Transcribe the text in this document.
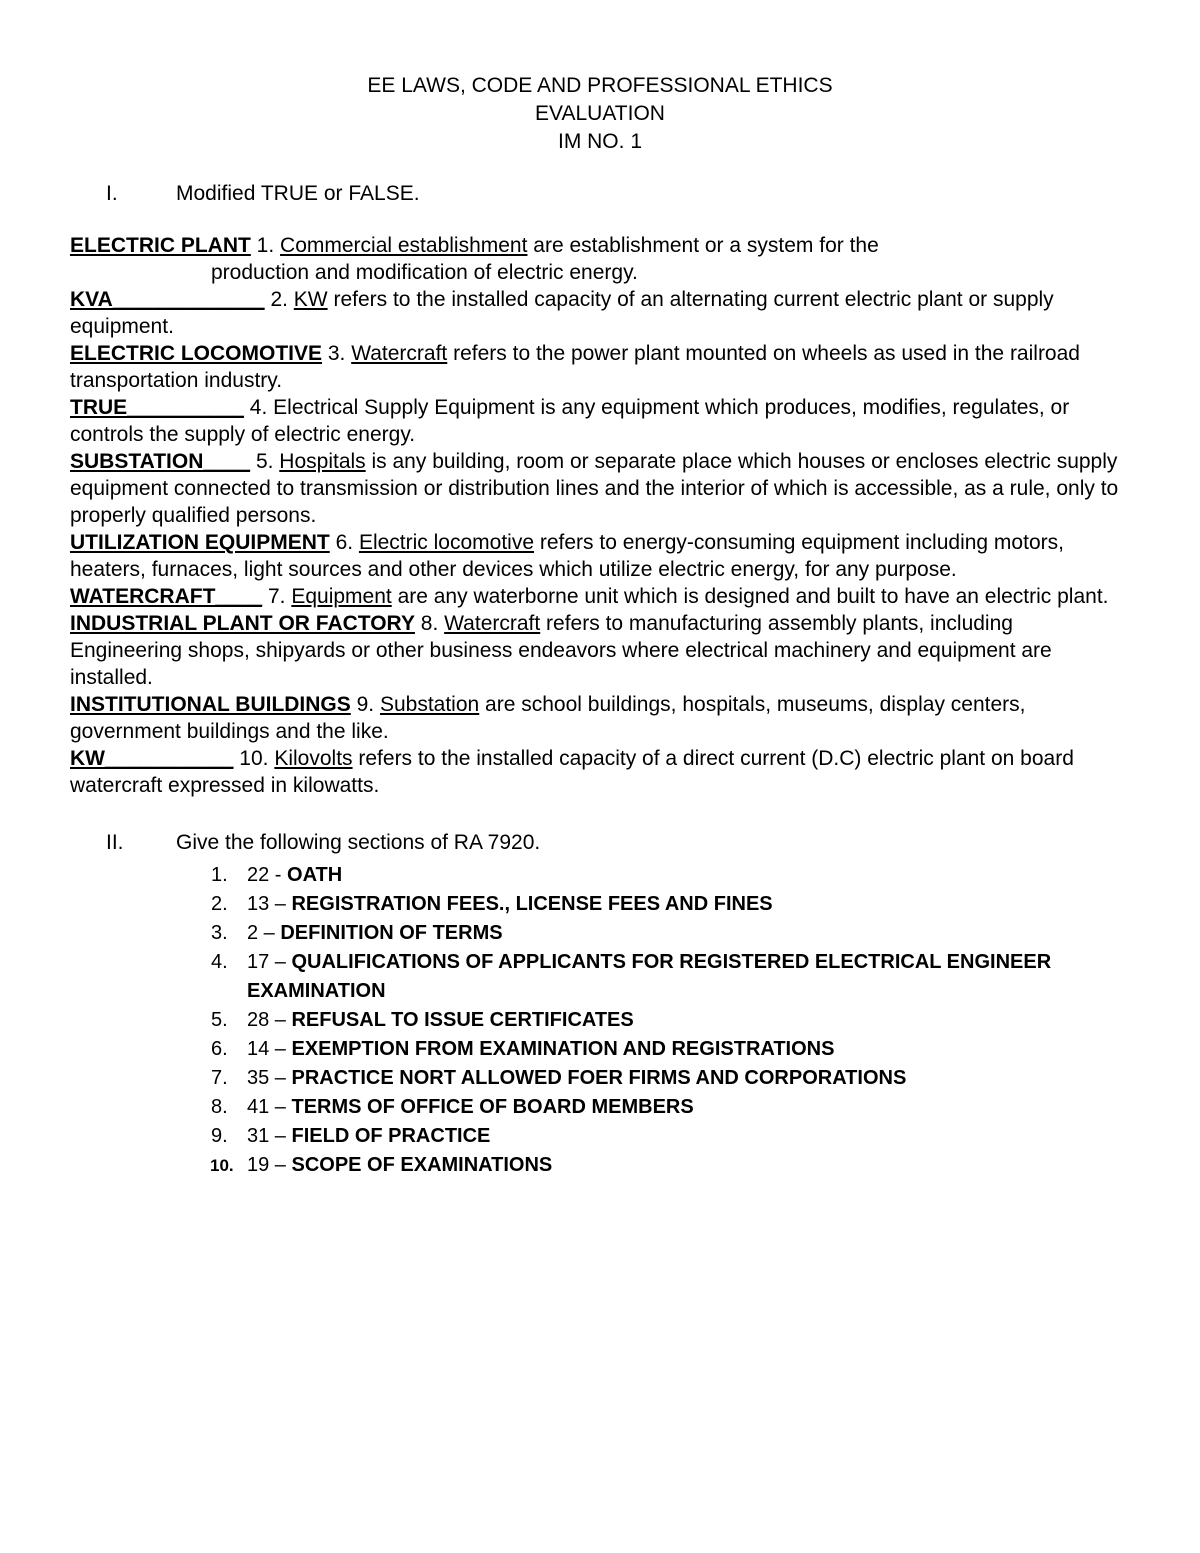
EE LAWS, CODE AND PROFESSIONAL ETHICS
EVALUATION
IM NO. 1
I.	Modified TRUE or FALSE.

ELECTRIC PLANT 1. Commercial establishment are establishment or a system for the
production and modification of electric energy.

KVA_____________ 2. KW refers to the installed capacity of an alternating current electric plant or supply equipment.

ELECTRIC LOCOMOTIVE 3. Watercraft refers to the power plant mounted on wheels as used in the railroad transportation industry.

TRUE__________ 4. Electrical Supply Equipment is any equipment which produces, modifies, regulates, or controls the supply of electric energy.

SUBSTATION____ 5. Hospitals is any building, room or separate place which houses or encloses electric supply equipment connected to transmission or distribution lines and the interior of which is accessible, as a rule, only to properly qualified persons.

UTILIZATION EQUIPMENT 6. Electric locomotive refers to energy-consuming equipment including motors, heaters, furnaces, light sources and other devices which utilize electric energy, for any purpose.

WATERCRAFT____ 7. Equipment are any waterborne unit which is designed and built to have an electric plant.

INDUSTRIAL PLANT OR FACTORY 8. Watercraft refers to manufacturing assembly plants, including Engineering shops, shipyards or other business endeavors where electrical machinery and equipment are installed.

INSTITUTIONAL BUILDINGS 9. Substation are school buildings, hospitals, museums, display centers, government buildings and the like.

KW___________ 10. Kilovolts refers to the installed capacity of a direct current (D.C) electric plant on board watercraft expressed in kilowatts.

II. Give the following sections of RA 7920.
1. 22 - OATH
2. 13 – REGISTRATION FEES., LICENSE FEES AND FINES
3. 2 – DEFINITION OF TERMS
4. 17 – QUALIFICATIONS OF APPLICANTS FOR REGISTERED ELECTRICAL ENGINEER EXAMINATION
5. 28 – REFUSAL TO ISSUE CERTIFICATES
6. 14 – EXEMPTION FROM EXAMINATION AND REGISTRATIONS
7. 35 – PRACTICE NORT ALLOWED FOER FIRMS AND CORPORATIONS
8. 41 – TERMS OF OFFICE OF BOARD MEMBERS
9. 31 – FIELD OF PRACTICE
10. 19 – SCOPE OF EXAMINATIONS
